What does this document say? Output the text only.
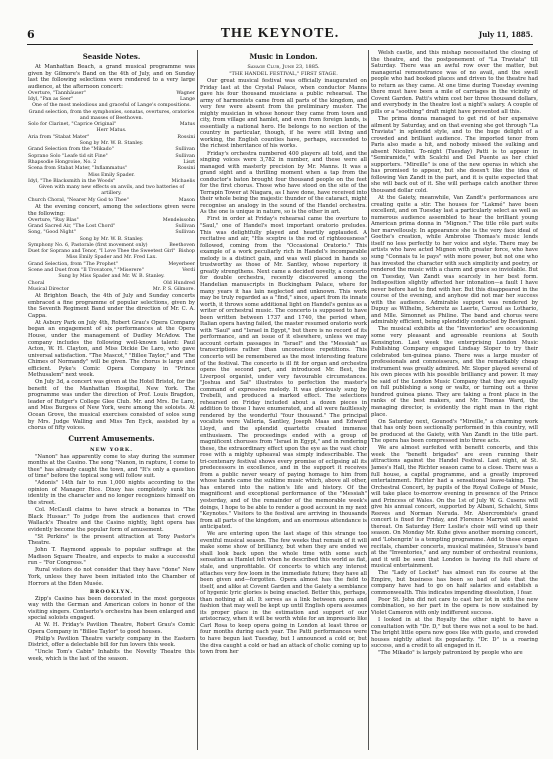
6	THE KEYNOTE.	July 11, 1885.
Seaside Notes.

At Manhattan Beach, a grand musical programme was given by Gilmore's Band on the 4th of July, and on Sunday last the following selections were rendered to a very large audience, at the afternoon concert:

Overture, "Tannhäuser"	Wagner
Idyl, "Pan as Seer"	Lange
One of the most melodious and graceful of Lange's compositions.
Grand selection, from the symphonies, sonatas, overtures, oratorios and masses of Beethoven.
Solo for Clarinet, "Caprice Original"	Matus
Herr Matus.
Aria from "Stabat Mater"	Rossini
Song by Mr. W. B. Stanley.
Grand Selection from the "Mikado"	Sullivan
Soprano Solo "Leafe tid sit Fine"	Sullivan
Rhapsodie Hongroise, No. 2	Liszt
Scena from Stabat Mater, "Inflammatus"	Rossini
Miss Emily Spader.
Idyl, "The Blacksmith in the Woods"	Michaelis
Given with many new effects on anvils, and two batteries of artillery.
Church Choral, "Nearer My God to Thee"	Mason

At the evening concert, among the selections given were the following:

Overture, "Ruy Blas"	Mendelssohn
Grand Sacred Air, "The Lost Chord"	Sullivan
Song, "Good Night"	Sullivan
Song by Mr. W. B. Stanley.
Symphony No. 6, Pastorale (first movement only)	Beethoven
Duet for Soprano and Tenor, "I Love Thee the Sweetest Girl" Bishop
Miss Emily Spader and Mr. Fred Lax.
Grand Selection, from "The Prophet"	Meyerbeer
Scene and Duet from "Il Trovatore," "Miserere"	Verdi
Sung by Miss Spader and Mr. W. B. Stanley.
Choral	Old Hundred
Musical Director	Mr. P. S. Gilmore.

At Brighton Beach, the 4th of July and Sunday concerts embraced a fine programme of popular selections, given by the Seventh Regiment Band under the direction of Mr. C. A. Cappa.

At Asbury Park on July 4th, Robert Grau's Opera Company began an engagement of six performances at the Opera House, under the management of Dudley McAdow. The company includes the following well-known talent: Paul Acton, W. H. Clayton, and Miss Dickie De Laro, who gave universal satisfaction. "The Mascot," "Billee Taylor," and "The Chimes of Normandy" will be given. The chorus is large and efficient. Pyke's Comic Opera Company in "Prince Methusalem" next week.

On July 3d, a concert was given at the Hotel Bristol, for the benefit of the Manhattan Hospital, New York. The programme was under the direction of Prof. Louis Bragdon, leader of Rutger's College Glee Club. Mr. and Mrs. De Laro, and Miss Burgess of New York, were among the soloists. At Ocean Grove, the musical exercises consisted of solos sung by Mrs. Judge Walling and Miss Ten Eyck, assisted by a chorus of fifty voices.

Current Amusements.
NEW YORK.

"Nanon" has apparently come to stay during the summer months at the Casino. The song "Nanon, in rapture, I come to thee" has already caught the town, and "It's only a question of time" before the topical song will follow suit.

"Adonis" 14th fair to run 1,000 nights according to the opinion of Manager Rice. Dixey has completely sunk his identity in the character and no longer recognizes himself on the street.

Col. McCaull claims to have struck a bonanza in "The Black Hussar." To judge from the audiences that crowd Wallack's Theatre and the Casino nightly, light opera has evidently become the popular form of amusement.

"St Perkins" is the present attraction at Tony Pastor's Theatre.

John T. Raymond appeals to popular suffrage at the Madison Square Theatre, and expects to make a successful run – "For Congress."

Rural visitors do not consider that they have "done" New York, unless they have been initiated into the Chamber of Horrors at the Eden Musée.

BROOKLYN.

Zipp's Casino has been decorated in the most gorgeous way with the German and American colors in honor of the visiting singers. Contserto's orchestra has been enlarged and special soloists engaged.

At W. H. Friday's Pavilion Theatre, Robert Grau's Comic Opera Company in "Billee Taylor" to good houses.

Philip's Pavilion Theatre variety company in the Eastern District, offer a delectable bill for fun lovers this week.

"Uncle Tom's Cabin" Inhabits the Novelty Theatre this week, which is the last of the season.

Music in London.
Savage Club, June 23, 1885.
"THE HANDEL FESTIVAL," FIRST STAGE.

Our great musical festival was officially inaugurated on Friday last at the Crystal Palace, when conductor Manns gave his four thousand musicians a public rehearsal. The army of harmonists came from all parts of the kingdom, and very few were absent from the preliminary muster. The mighty musician in whose honour they came from town and city, from village and hamlet, and even from foreign lands, is essentially a national hero. He belongs to no section of the country in particular, though, if he were still living and working, the English counties have, perhaps, succeeded to the richest inheritance of his works.

Friday's orchestra numbered 400 players all told, and the singing voices were 3,782 in number, and these were all managed with masterly precision by Mr. Manns. It was a grand sight and a thrilling moment when a tap from the conductor's baton brought four thousand people on the feet for the first chorus. Those who have stood on the site of the Terrapin Tower at Niagara, as I have done, have received into their whole being the majestic thunder of the cataract, might recognise an analogy in the sound of the Handel orchestra. As the one is unique in nature, so is the other in art.

First in order at Friday's rehearsal came the overture to "Saul," one of Handel's most important oratorio preludes. This was delightfully played and heartily applauded. A recitative and air, "His sceptre is the rod of righteousness" followed, coming from the "Occasional Oratorio." This example of a work peculiarly rich in Handel's incomparable melody is a distinct gain, and was well placed in hands so trustworthy as those of Mr. Santley, whose repertory it greatly strengthens. Next came a decided novelty, a concerto for double orchestra, recently discovered among the Handelian manuscripts in Buckingham Palace, where for many years it has lain neglected and unknown. This work may be truly regarded as a "find," since, apart from its innate worth, it throws some additional light on Handel's genius as a writer of orchestral music. The concerto is supposed to have been written between 1737 and 1740, the period when, Italian opera having failed, the master resumed oratorio work with "Saul" and "Israel in Egypt," but there is no record of its performance, and an issue of it elsewhere, unless we may account certain passages in "Israel" and the "Messiah" as transcriptions rather than unconscious repetitions. This concerto will be remembered as the most interesting feature of the festival. The concerto is ill fit for organ and orchestra opens the second part, and introduced Mr. Best, the Liverpool organist, under very favourable circumstances. "Joshua and Sal" illustrates to perfection the master's command of expressive melody. It was gloriously sung by Trebelli, and produced a marked effect. The selections rehearsed on Friday included about a dozen pieces in addition to those I have enumerated, and all were faultlessly rendered by the wonderful "four thousand." The principal vocalists were Valleria, Santley, Joseph Maas and Edward Lloyd, and the splendid quartette created immense enthusiasm. The proceedings ended with a group of magnificent choruses from "Israel in Egypt," and in rendering these, the extraordinary effect upon the eye as the vast choir rose with a mighty upheaval was simply indescribable. The tri-centenary festival shows every promise of eclipsing all its predecessors in excellence, and in the support it receives from a public never weary of paying homage to him from whose hands came the sublime music which, above all other, has entered into the nation's life and history. Of the magnificent and exceptional performance of the "Messiah" yesterday, and of the remainder of the memorable week's doings, I hope to be able to render a good account in my next "Keynotes." Visitors to the festival are arriving in thousands from all parts of the kingdom, and an enormous attendance is anticipated.

We are entering upon the last stage of this strange too eventful musical season. The few weeks that remain of it will make some show of brilliancy, but when they are ended we shall look back upon the whole time with some such sensation as Hamlet felt when he described this world as flat, stale, and unprofitable. Of concerts to which any interest attaches very few loom in the immediate future; they have all been given and—forgotten. Opera almost has the field to itself, and alike at Covent Garden and the Gaiety a semblance of hygenic lyric glories is being enacted. Better this, perhaps, than nothing at all. It serves as a link between opera and fashion that may well be kept up until English opera assumes its proper place in the estimation and support of our aristocracy, when it will be worth while for an impresario like Carl Rosa to keep opera going in London at least three or four months during each year. The Patti performances were to have begun last Tuesday, but I announced a cold or, but the diva caught a cold or had an attack of cholic coming up to town from her

Welsh castle, and this mishap necessitated the closing of the theatre, and the postponement of "La Traviata" till Saturday. There was an awful row over the matter, but managerial remonstrance was of no avail, and the swell people who had booked places and driven to the theatre had to return as they came. At one time during Tuesday evening there must have been a mile of carriages in the vicinity of Covent Garden. Patti's whim cost her three thousand dollars, and everybody in the theatre lost a night's salary. A couple of pills or a "soothing" draft might have prevented all this.

The prima donna managed to get rid of her expensive ailment by Saturday, and on that evening she got through "La Traviata" in splendid style, and to the huge delight of a crowded and brilliant audience. The imported tenor from Paris also made a hit, and nobody missed the sulking and absent Nicolini. To-night (Tuesday) Patti is to appear in "Semiramide," with Scalchi and Del Puente as her chief supporters. "Mireille" is one of the new operas in which she has promised to appear, but she doesn't like the idea of following Van Zandt in the part, and it is quite expected that she will back out of it. She will perhaps catch another three thousand dollar cold.

At the Gaiety, meanwhile, Van Zandt's performances are creating quite a stir. The houses for "Lakmé" have been excellent, and on Tuesday last a particularly select as well as numerous audience assembled to hear the brilliant young American prima donna in "Mignon." The title rôle part suits her marvellously. In appearance she is the very face ideal of Goethe's creation, while Ambroise Thomas's music lends itself no less perfectly to her voice and style. There may be artists who have acted Mignon with greater force, who have sung "Connais tu le pays" with more power, but not one who has invested the character with such simplicity and poetry, or rendered the music with a charm and grace so inviolable. But on Tuesday, Van Zandt was scarcely in her best form. Indisposition slightly affected her intonation—a fault I have never before had to find with her. But this disappeared in the course of the evening, and anyhow did not mar her success with the audience. Admirable support was rendered by Dupuy as Wilhelm, Scheretz as Laerte, Carroul as Lothario, and Mlle. Simonnet as Philine. The band and chorus were admirably efficient, being splendidly conducted by Bevignani.

The musical exhibits at the "Inventories" are occasioning some very pleasant and agreeable reunions at South Kensington. Last week the enterprising London Music Publishing Company engaged Lindsay Sloper to try their celebrated ten-guinea piano. There was a large muster of professionals and connoisseurs, and the remarkably cheap instrument was greatly admired. Mr. Sloper played several of his own pieces with his possible brilliancy and power. It may be said of the London Music Company that they are equally on full publishing a song or waltz, or turning out a three hundred guinea piano. They are taking a front place in the ranks of the best makers, and Mr. Thomas Ward, the managing director, is evidently the right man in the right place.

On Saturday next, Gounod's "Mireille," a charming work that has only been sectionally performed in this country, will be produced at the Gaiety, with Van Zandt in the title part. The opera has been compressed into three acts.

We are almost surfeited with benefit concerts, and this week the "benefit brigades" are even running their attractions against the Handel Festival. Last night, at St. James's Hall, the Richter season came to a close. There was a full house, a capital programme, and a greatly improved entertainment. Richter had a sensational leave-taking. The Orchestral Concert, by pupils of the Royal College of Music, will take place to-morrow evening in presence of the Prince and Princess of Wales. On the 1st of July W. G. Cusens will give his annual concert, supported by Albani, Schalchi, Sims Reeves and Norman Neruda. Mr. Abercrombie's grand concert is fixed for Friday, and Florence Marryat will assist thereat. On Saturday Herr Leslie's choir will wind up their season. On Monday Mr. Kuhe gives another morning concert, and 'Lohengrin' is a tempting programme. Add to these organ recitals, chamber concerts, musical matinées, Strauss's band at the "Inventories," and any number of orchestral reunions, and it will be seen that London is having its full share of musical entertainment.

The "Lady of Locket" has almost run its course at the Empire, but business has been so bad of late that the company have had to go on half salaries and establish a commonwealth. This indicates impending dissolution, I fear.

Poor St. John did not care to cast her lot in with the new combination, so her part in the opera is now sustained by Violet Cameron with only indifferent success.

I looked in at the Royalty the other night to have a consultation with "Dr. D," but there was not a soul to be had. The bright little opera now goes like with gusto, and crowded houses nightly attest its popularity. "Dr. D" is a roaring success, and a credit to all engaged in it.

"The Mikado" is largely patronized by people who are
